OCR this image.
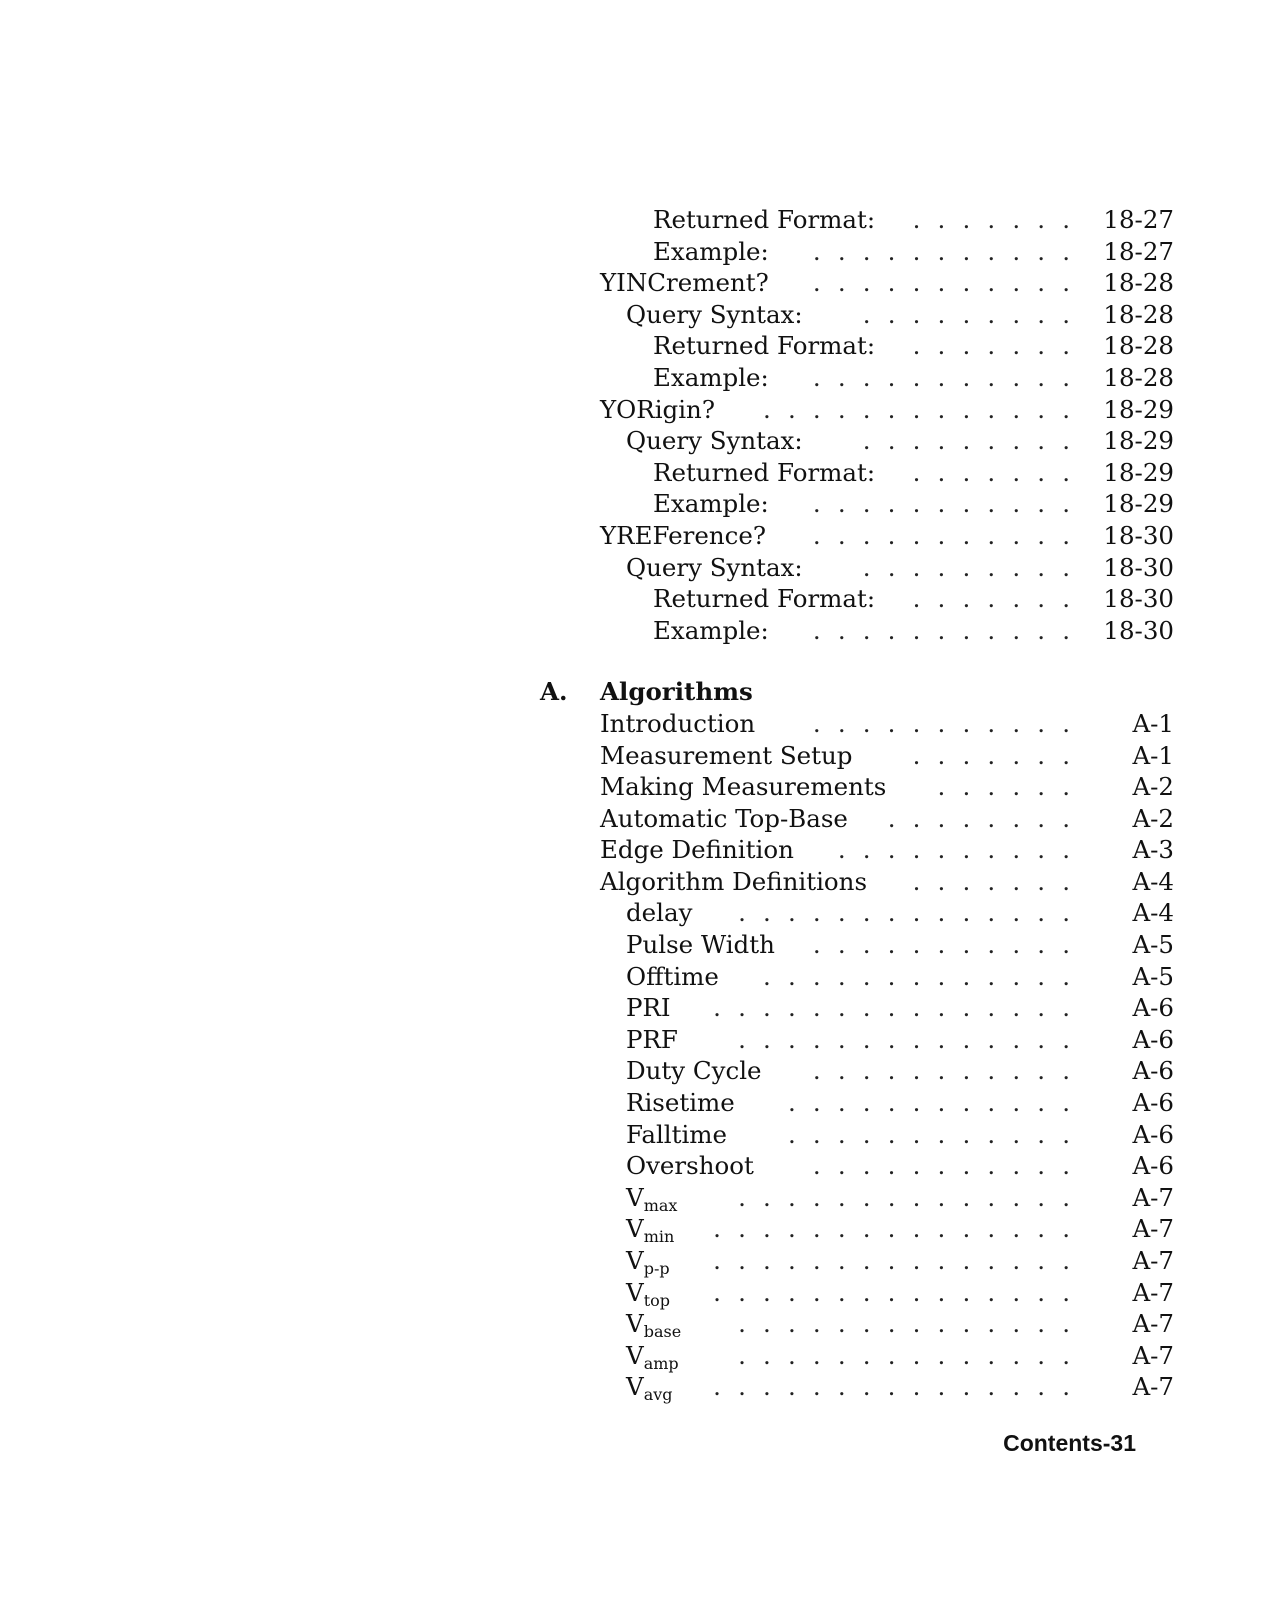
Returned Format:	.  .  .  .  .  .  . 18-27
Example:	.  .  .  .  .  .  .  .  .  .  . 18-27
YINCrement?	.  .  .  .  .  .  .  .  .  .  . 18-28
Query Syntax:	.  .  .  .  .  .  .  .  . 18-28
Returned Format:	.  .  .  .  .  .  . 18-28
Example:	.  .  .  .  .  .  .  .  .  .  . 18-28
YORigin?	.  .  .  .  .  .  .  .  .  .  .  .  . 18-29
Query Syntax:	.  .  .  .  .  .  .  .  . 18-29
Returned Format:	.  .  .  .  .  .  . 18-29
Example:	.  .  .  .  .  .  .  .  .  .  . 18-29
YREFerence?	.  .  .  .  .  .  .  .  .  .  . 18-30
Query Syntax:	.  .  .  .  .  .  .  .  . 18-30
Returned Format:	.  .  .  .  .  .  . 18-30
Example:	.  .  .  .  .  .  .  .  .  .  . 18-30
A. Algorithms
Introduction	.  .  .  .  .  .  .  .  .  .  .	A-1
Measurement Setup	.  .  .  .  .  .  .	A-1
Making Measurements	.  .  .  .  .  .	A-2
Automatic Top-Base	.  .  .  .  .  .  .  .	A-2
Edge Definition	.  .  .  .  .  .  .  .  .  .	A-3
Algorithm Definitions	.  .  .  .  .  .  .	A-4
delay	.  .  .  .  .  .  .  .  .  .  .  .  .  .	A-4
Pulse Width	.  .  .  .  .  .  .  .  .  .  .	A-5
Offtime	.  .  .  .  .  .  .  .  .  .  .  .  .	A-5
PRI	.  .  .  .  .  .  .  .  .  .  .  .  .  .  .	A-6
PRF	.  .  .  .  .  .  .  .  .  .  .  .  .  .	A-6
Duty Cycle	.  .  .  .  .  .  .  .  .  .  .	A-6
Risetime	.  .  .  .  .  .  .  .  .  .  .  .	A-6
Falltime	.  .  .  .  .  .  .  .  .  .  .  .	A-6
Overshoot	.  .  .  .  .  .  .  .  .  .  .	A-6
$V_{max}$	.  .  .  .  .  .  .  .  .  .  .  .  .  .	A-7
$V_{min}$	.  .  .  .  .  .  .  .  .  .  .  .  .  .  .	A-7
$V_{p-p}$	.  .  .  .  .  .  .  .  .  .  .  .  .  .  .	A-7
$V_{top}$	.  .  .  .  .  .  .  .  .  .  .  .  .  .  .	A-7
$V_{base}$	.  .  .  .  .  .  .  .  .  .  .  .  .  .	A-7
$V_{amp}$	.  .  .  .  .  .  .  .  .  .  .  .  .  .	A-7
$V_{avg}$	.  .  .  .  .  .  .  .  .  .  .  .  .  .  .	A-7
Contents-31
